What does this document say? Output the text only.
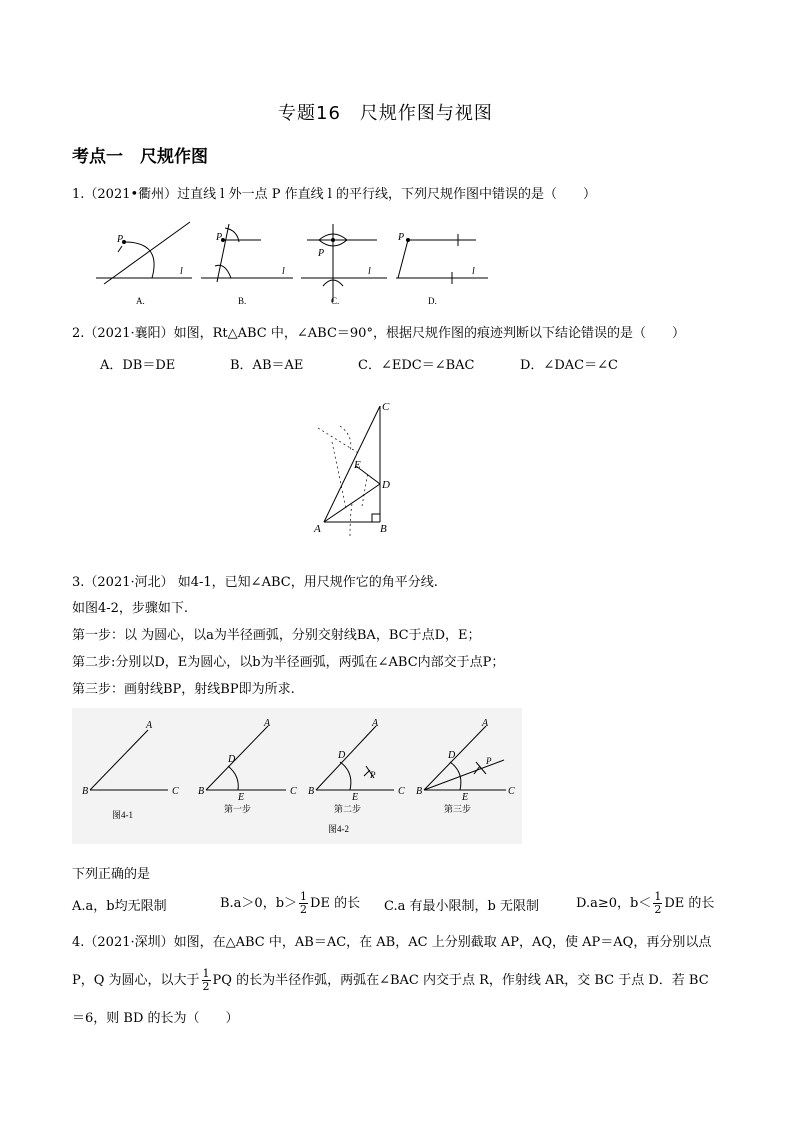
专题16　尺规作图与视图
考点一　尺规作图
1.（2021•衢州）过直线 l 外一点 P 作直线 l 的平行线，下列尺规作图中错误的是（　　）
P
l
A.
P
l
B.
P
l
C.
P
l
D.
2.（2021·襄阳）如图，Rt△ABC 中，∠ABC＝90°，根据尺规作图的痕迹判断以下结论错误的是（　　）
A．DB＝DE	B．AB＝AE	C．∠EDC＝∠BAC	D．∠DAC＝∠C
C
D
E
A	B
3.（2021·河北） 如4-1，已知∠ABC，用尺规作它的角平分线.
如图4-2，步骤如下.
第一步：以 为圆心，以a为半径画弧，分别交射线BA，BC于点D，E；
第二步:分别以D，E为圆心，以b为半径画弧，两弧在∠ABC内部交于点P；
第三步：画射线BP，射线BP即为所求.
B
A
C
图4-1
B
A
C
D
E
第一步
B
A
C
D
E
P
第二步
图4-2
B
A
C
D
E
P
第三步
下列正确的是
A.a，b均无限制	B.a＞0，$b> \frac{1}{2}$ DE 的长 C.a 有最小限制，b 无限制	D.a≥0，$b< \frac{1}{2}$ DE 的长
4.（2021·深圳）如图，在△ABC 中，AB＝AC，在 AB，AC 上分别截取 AP，AQ，使 AP＝AQ，再分别以点
P，Q 为圆心，以大于 $\frac{1}{2}$ PQ 的长为半径作弧，两弧在∠BAC 内交于点 R，作射线 AR，交 BC 于点 D．若 BC
＝6，则 BD 的长为（　　）
